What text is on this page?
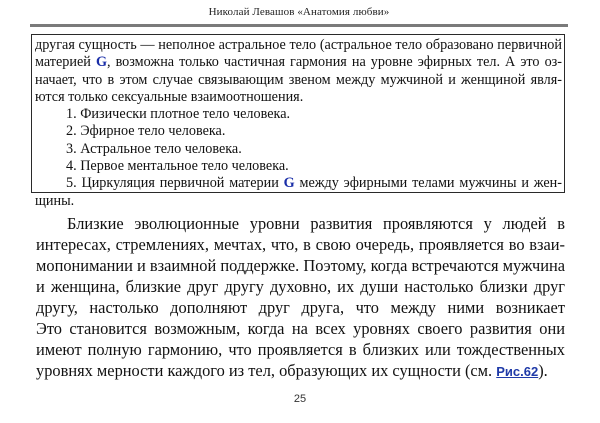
Николай Левашов «Анатомия любви»
другая сущность — неполное астральное тело (астральное тело образовано первичной
материей G, возможна только частичная гармония на уровне эфирных тел. А это оз-
начает, что в этом случае связывающим звеном между мужчиной и женщиной явля-
ются только сексуальные взаимоотношения.
1. Физически плотное тело человека.
2. Эфирное тело человека.
3. Астральное тело человека.
4. Первое ментальное тело человека.
5. Циркуляция первичной материи G между эфирными телами мужчины и жен-
щины.
Близкие эволюционные уровни развития проявляются у людей в
интересах, стремлениях, мечтах, что, в свою очередь, проявляется во взаи-
мопонимании и взаимной поддержке. Поэтому, когда встречаются мужчина
и женщина, близкие друг другу духовно, их души настолько близки друг
другу, настолько дополняют друг друга, что между ними возникает
Это становится возможным, когда на всех уровнях своего развития они
имеют полную гармонию, что проявляется в близких или тождественных
уровнях мерности каждого из тел, образующих их сущности (см. Рис.62).
25
